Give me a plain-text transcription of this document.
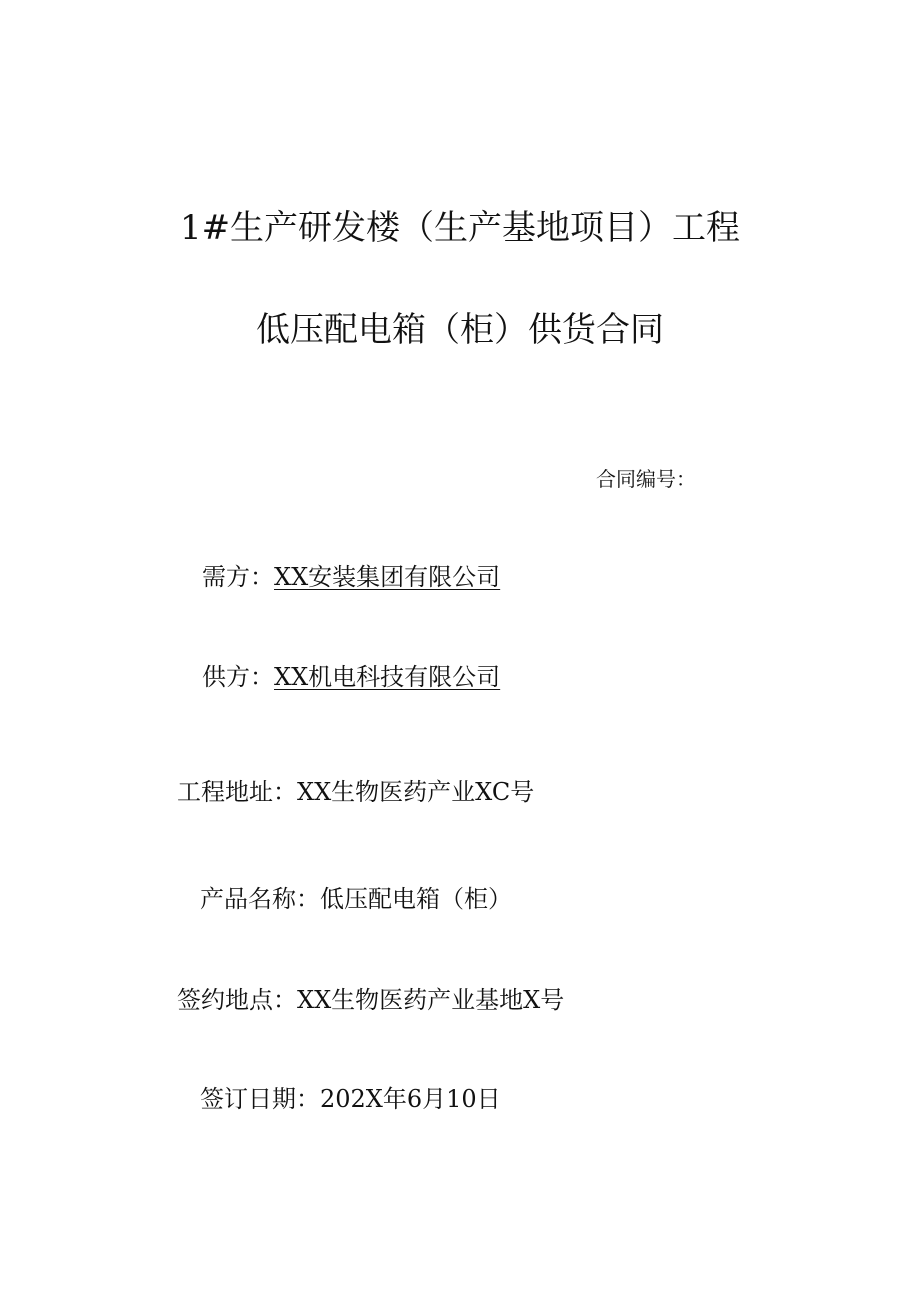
1#生产研发楼（生产基地项目）工程
低压配电箱（柜）供货合同
合同编号：
需方：XX安装集团有限公司
供方：XX机电科技有限公司
工程地址：XX生物医药产业XC号
产品名称：低压配电箱（柜）
签约地点：XX生物医药产业基地X号
签订日期：202X年6月10日
